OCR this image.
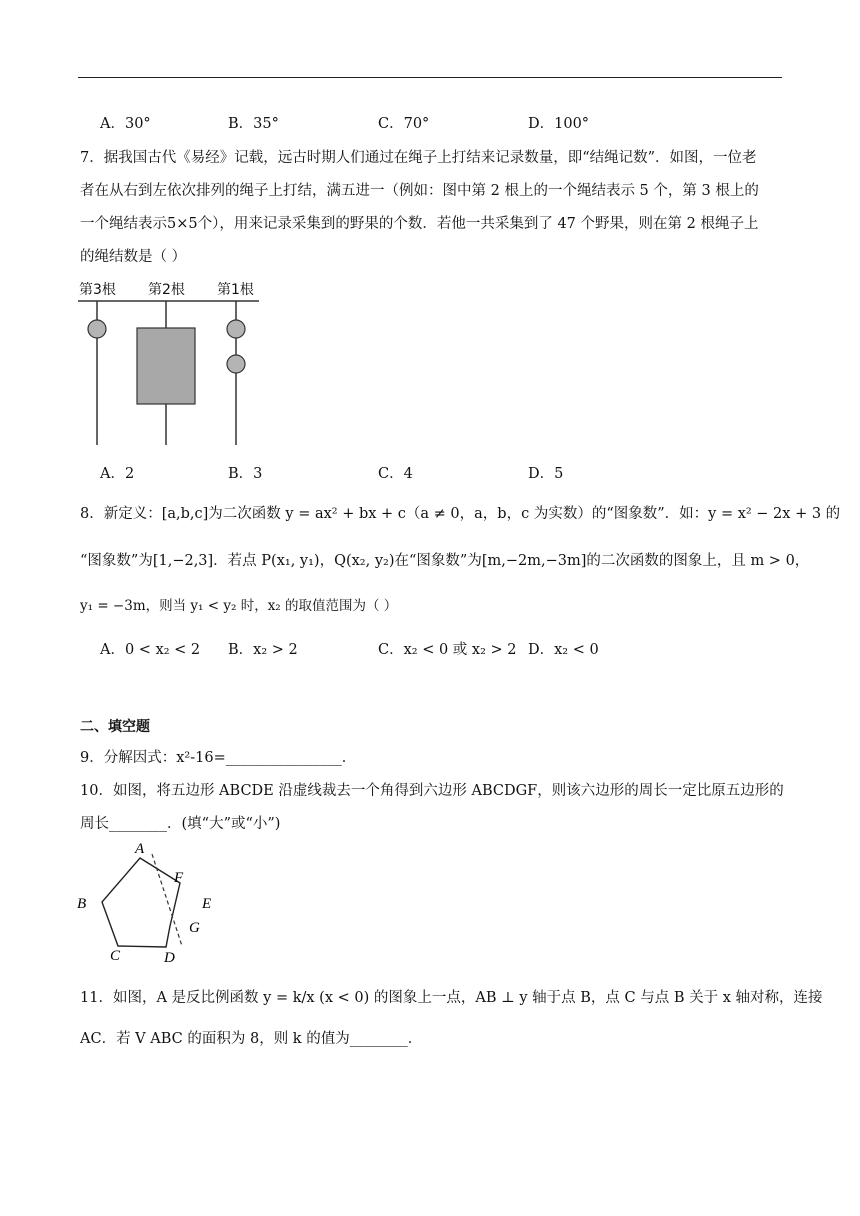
A．30°	B．35°	C．70°	D．100°
7．据我国古代《易经》记载，远古时期人们通过在绳子上打结来记录数量，即“结绳记数”．如图，一位老
者在从右到左依次排列的绳子上打结，满五进一（例如：图中第 2 根上的一个绳结表示 5 个，第 3 根上的
一个绳结表示5×5个），用来记录采集到的野果的个数．若他一共采集到了 47 个野果，则在第 2 根绳子上
的绳结数是（ ）
第3根 第2根 第1根
A．2	B．3	C．4	D．5
8．新定义：[a,b,c]为二次函数 y = ax² + bx + c（a ≠ 0，a，b，c 为实数）的“图象数”．如：y = x² − 2x + 3 的
“图象数”为[1,−2,3]．若点 P(x₁, y₁)，Q(x₂, y₂)在“图象数”为[m,−2m,−3m]的二次函数的图象上，且 m > 0，
y₁ = −3m，则当 y₁ < y₂ 时，x₂ 的取值范围为（ ）
A．0 < x₂ < 2 B．x₂ > 2	C．x₂ < 0 或 x₂ > 2 D．x₂ < 0
二、填空题
9．分解因式：x²-16=________________．
10．如图，将五边形 ABCDE 沿虚线裁去一个角得到六边形 ABCDGF，则该六边形的周长一定比原五边形的
周长________．(填“大”或“小”)
A
B
C	D
E
F
G
11．如图，A 是反比例函数 y = k/x (x < 0) 的图象上一点，AB ⊥ y 轴于点 B，点 C 与点 B 关于 x 轴对称，连接
AC．若 V ABC 的面积为 8，则 k 的值为________．
